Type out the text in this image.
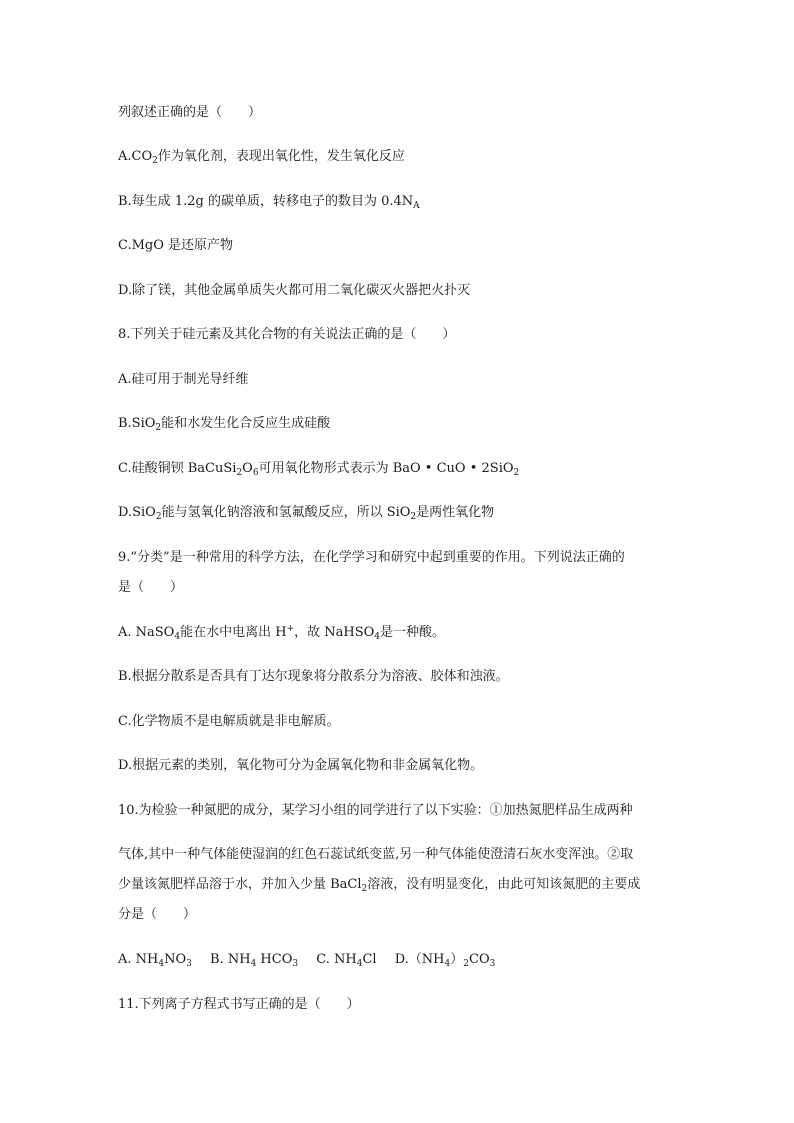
列叙述正确的是（　　）
$A.CO_2$作为氧化剂，表现出氧化性，发生氧化反应
B.每生成 1.2g 的碳单质，转移电子的数目为 $0.4N_A$
C.MgO 是还原产物
D.除了镁，其他金属单质失火都可用二氧化碳灭火器把火扑灭
8.下列关于硅元素及其化合物的有关说法正确的是（　　）
A.硅可用于制光导纤维
B.SiO$_2$能和水发生化合反应生成硅酸
C.硅酸铜钡 $BaCuSi_2O_6$可用氧化物形式表示为 BaO • CuO • 2SiO$_2$
D.SiO$_2$能与氢氧化钠溶液和氢氟酸反应，所以 SiO$_2$是两性氧化物
9.“分类”是一种常用的科学方法，在化学学习和研究中起到重要的作用。下列说法正确的
是（　　）
A. NaSO$_4$能在水中电离出 H+，故 NaHSO$_4$是一种酸。
B.根据分散系是否具有丁达尔现象将分散系分为溶液、胶体和浊液。
C.化学物质不是电解质就是非电解质。
D.根据元素的类别，氧化物可分为金属氧化物和非金属氧化物。
10.为检验一种氮肥的成分，某学习小组的同学进行了以下实验：①加热氮肥样品生成两种
气体,其中一种气体能使湿润的红色石蕊试纸变蓝,另一种气体能使澄清石灰水变浑浊。②取
少量该氮肥样品溶于水，并加入少量 BaCl$_2$溶液，没有明显变化，由此可知该氮肥的主要成
分是（　　）
A. $NH_4NO_3$ B. $NH_4$ $HCO_3$ C. $NH_4Cl$ $D.(NH_4)_2CO_3$
11.下列离子方程式书写正确的是（　　）
